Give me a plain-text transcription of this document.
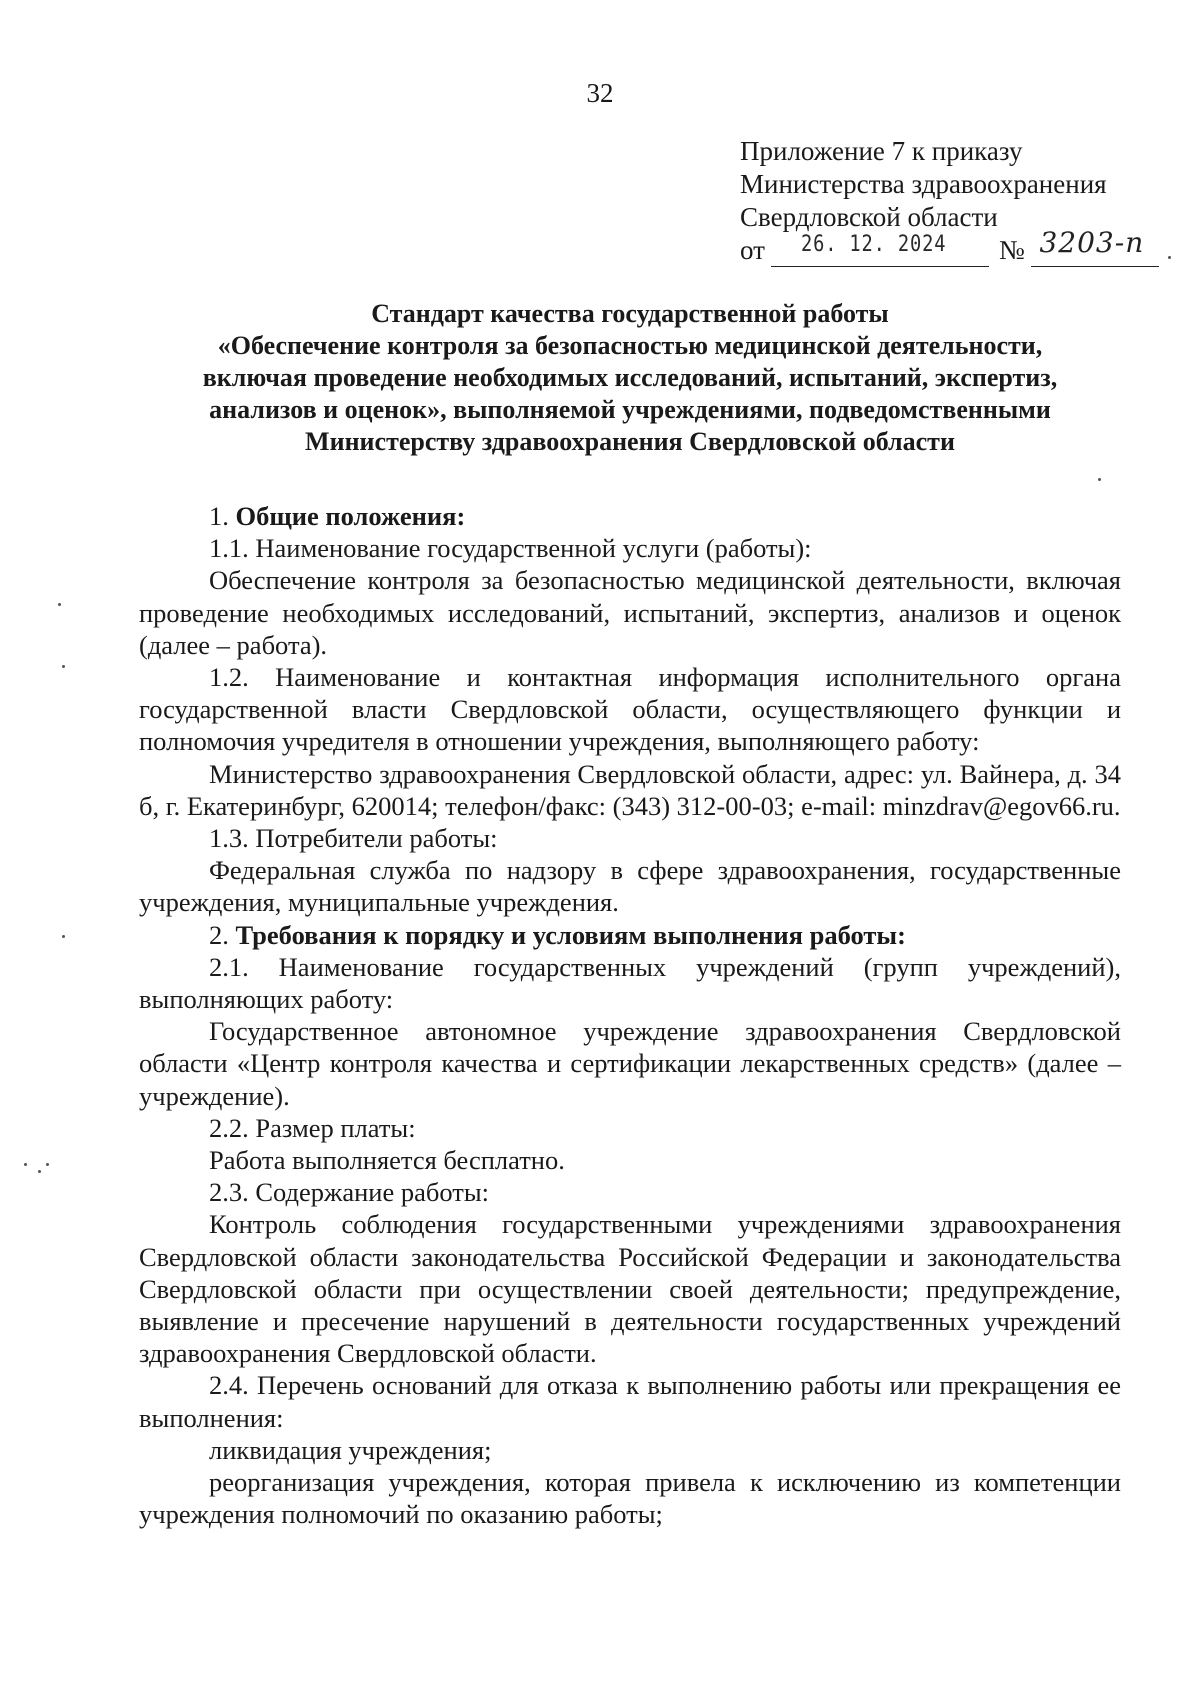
32
Приложение 7 к приказу
Министерства здравоохранения
Свердловской области
от 26. 12. 2024 № 3203-п
Стандарт качества государственной работы
«Обеспечение контроля за безопасностью медицинской деятельности,
включая проведение необходимых исследований, испытаний, экспертиз,
анализов и оценок», выполняемой учреждениями, подведомственными
Министерству здравоохранения Свердловской области

1. Общие положения:

1.1. Наименование государственной услуги (работы):

Обеспечение контроля за безопасностью медицинской деятельности, включая проведение необходимых исследований, испытаний, экспертиз, анализов и оценок (далее – работа).

1.2. Наименование и контактная информация исполнительного органа государственной власти Свердловской области, осуществляющего функции и полномочия учредителя в отношении учреждения, выполняющего работу:

Министерство здравоохранения Свердловской области, адрес: ул. Вайнера, д. 34 б, г. Екатеринбург, 620014; телефон/факс: (343) 312-00-03; e-mail: minzdrav@egov66.ru.

1.3. Потребители работы:

Федеральная служба по надзору в сфере здравоохранения, государственные учреждения, муниципальные учреждения.

2. Требования к порядку и условиям выполнения работы:

2.1. Наименование государственных учреждений (групп учреждений), выполняющих работу:

Государственное автономное учреждение здравоохранения Свердловской области «Центр контроля качества и сертификации лекарственных средств» (далее – учреждение).

2.2. Размер платы:

Работа выполняется бесплатно.

2.3. Содержание работы:

Контроль соблюдения государственными учреждениями здравоохранения Свердловской области законодательства Российской Федерации и законодательства Свердловской области при осуществлении своей деятельности; предупреждение, выявление и пресечение нарушений в деятельности государственных учреждений здравоохранения Свердловской области.

2.4. Перечень оснований для отказа к выполнению работы или прекращения ее выполнения:

ликвидация учреждения;

реорганизация учреждения, которая привела к исключению из компетенции учреждения полномочий по оказанию работы;
